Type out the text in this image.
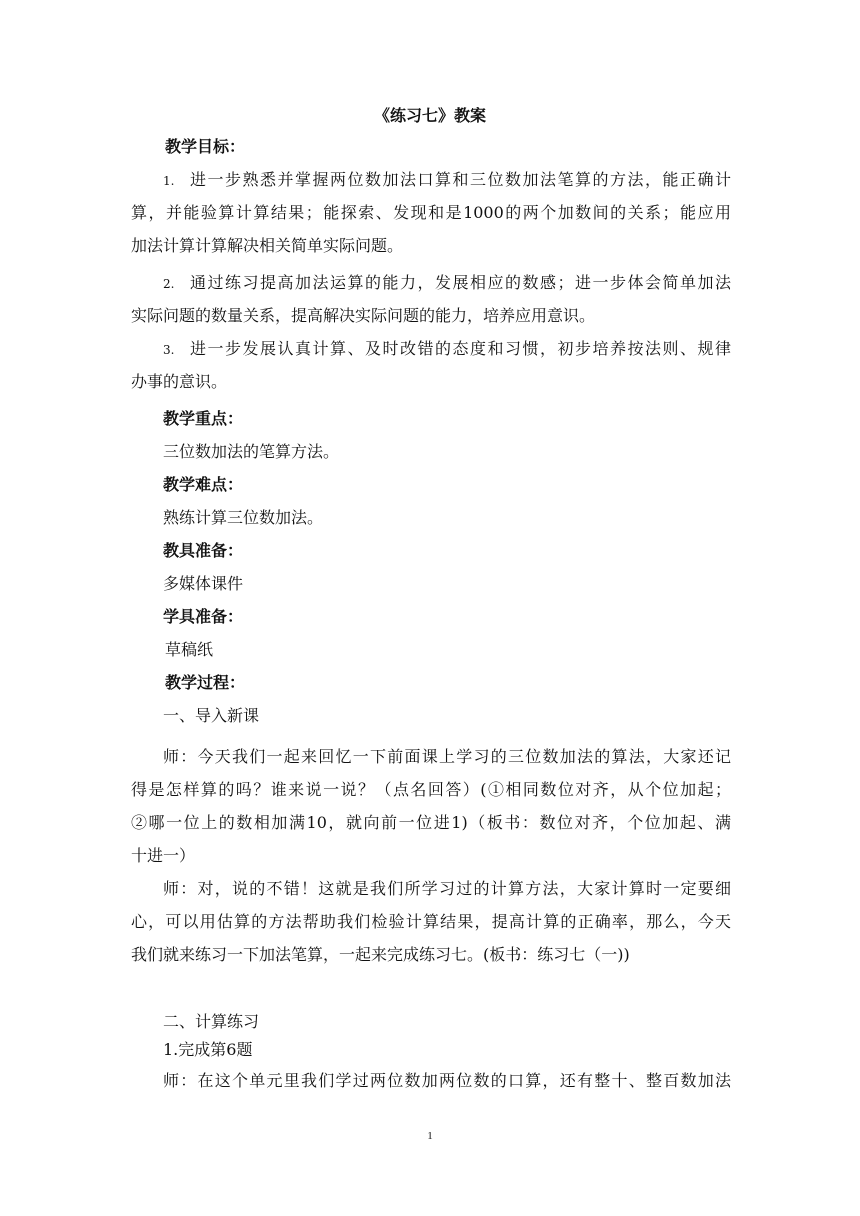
《练习七》教案
教学目标：
1. 进一步熟悉并掌握两位数加法口算和三位数加法笔算的方法，能正确计
算，并能验算计算结果；能探索、发现和是1000的两个加数间的关系；能应用
加法计算计算解决相关简单实际问题。
2. 通过练习提高加法运算的能力，发展相应的数感；进一步体会简单加法
实际问题的数量关系，提高解决实际问题的能力，培养应用意识。
3. 进一步发展认真计算、及时改错的态度和习惯，初步培养按法则、规律
办事的意识。
教学重点：
三位数加法的笔算方法。
教学难点：
熟练计算三位数加法。
教具准备：
多媒体课件
学具准备：
草稿纸
教学过程：
一、导入新课
师：今天我们一起来回忆一下前面课上学习的三位数加法的算法，大家还记
得是怎样算的吗？谁来说一说？（点名回答）(①相同数位对齐，从个位加起；
②哪一位上的数相加满10，就向前一位进1)（板书：数位对齐，个位加起、满
十进一）
师：对，说的不错！这就是我们所学习过的计算方法，大家计算时一定要细
心，可以用估算的方法帮助我们检验计算结果，提高计算的正确率，那么，今天
我们就来练习一下加法笔算，一起来完成练习七。(板书：练习七（一))
二、计算练习
1.完成第6题
师：在这个单元里我们学过两位数加两位数的口算，还有整十、整百数加法
1
